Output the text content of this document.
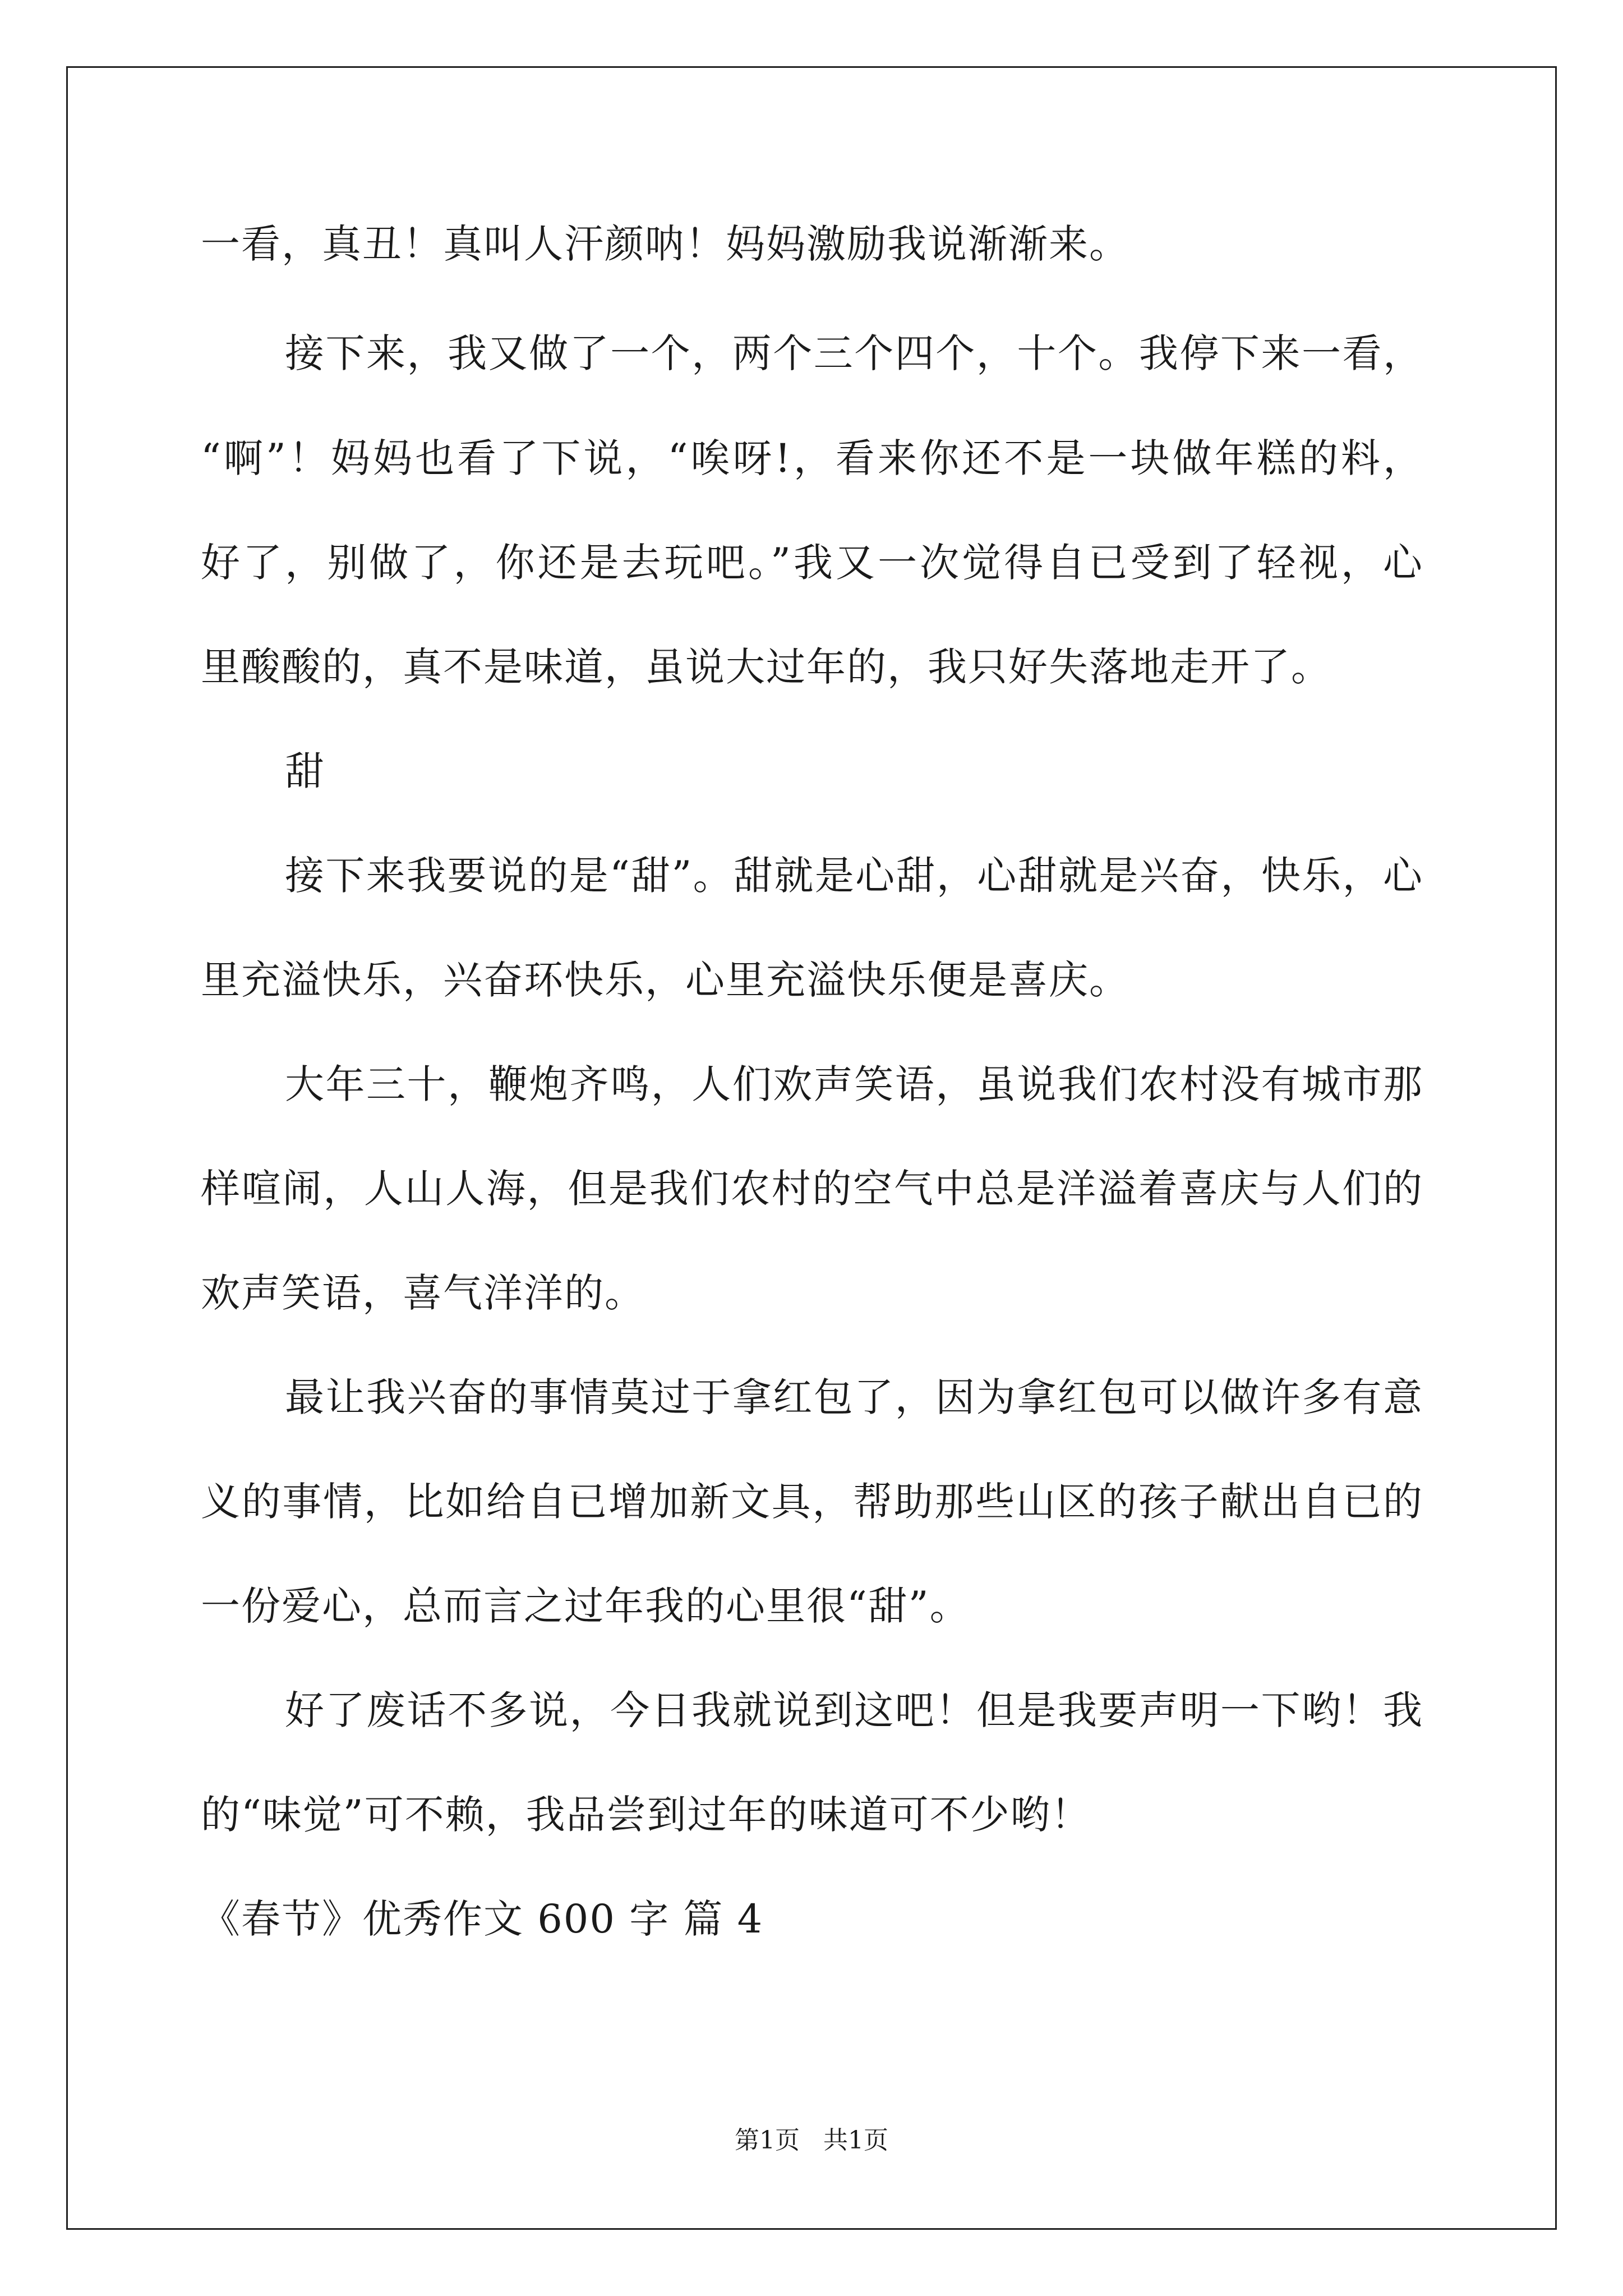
一看，真丑！真叫人汗颜呐！妈妈激励我说渐渐来。
接下来，我又做了一个，两个三个四个，十个。我停下来一看，
“啊”！妈妈也看了下说，“唉呀!，看来你还不是一块做年糕的料，
好了，别做了，你还是去玩吧。”我又一次觉得自已受到了轻视，心
里酸酸的，真不是味道，虽说大过年的，我只好失落地走开了。
甜
接下来我要说的是“甜”。甜就是心甜，心甜就是兴奋，快乐，心
里充溢快乐，兴奋环快乐，心里充溢快乐便是喜庆。
大年三十，鞭炮齐鸣，人们欢声笑语，虽说我们农村没有城市那
样喧闹，人山人海，但是我们农村的空气中总是洋溢着喜庆与人们的
欢声笑语，喜气洋洋的。
最让我兴奋的事情莫过于拿红包了，因为拿红包可以做许多有意
义的事情，比如给自已增加新文具，帮助那些山区的孩子献出自已的
一份爱心，总而言之过年我的心里很“甜”。
好了废话不多说，今日我就说到这吧！但是我要声明一下哟！我
的“味觉”可不赖，我品尝到过年的味道可不少哟！
《春节》优秀作文 600 字 篇 4
第1页   共1页
